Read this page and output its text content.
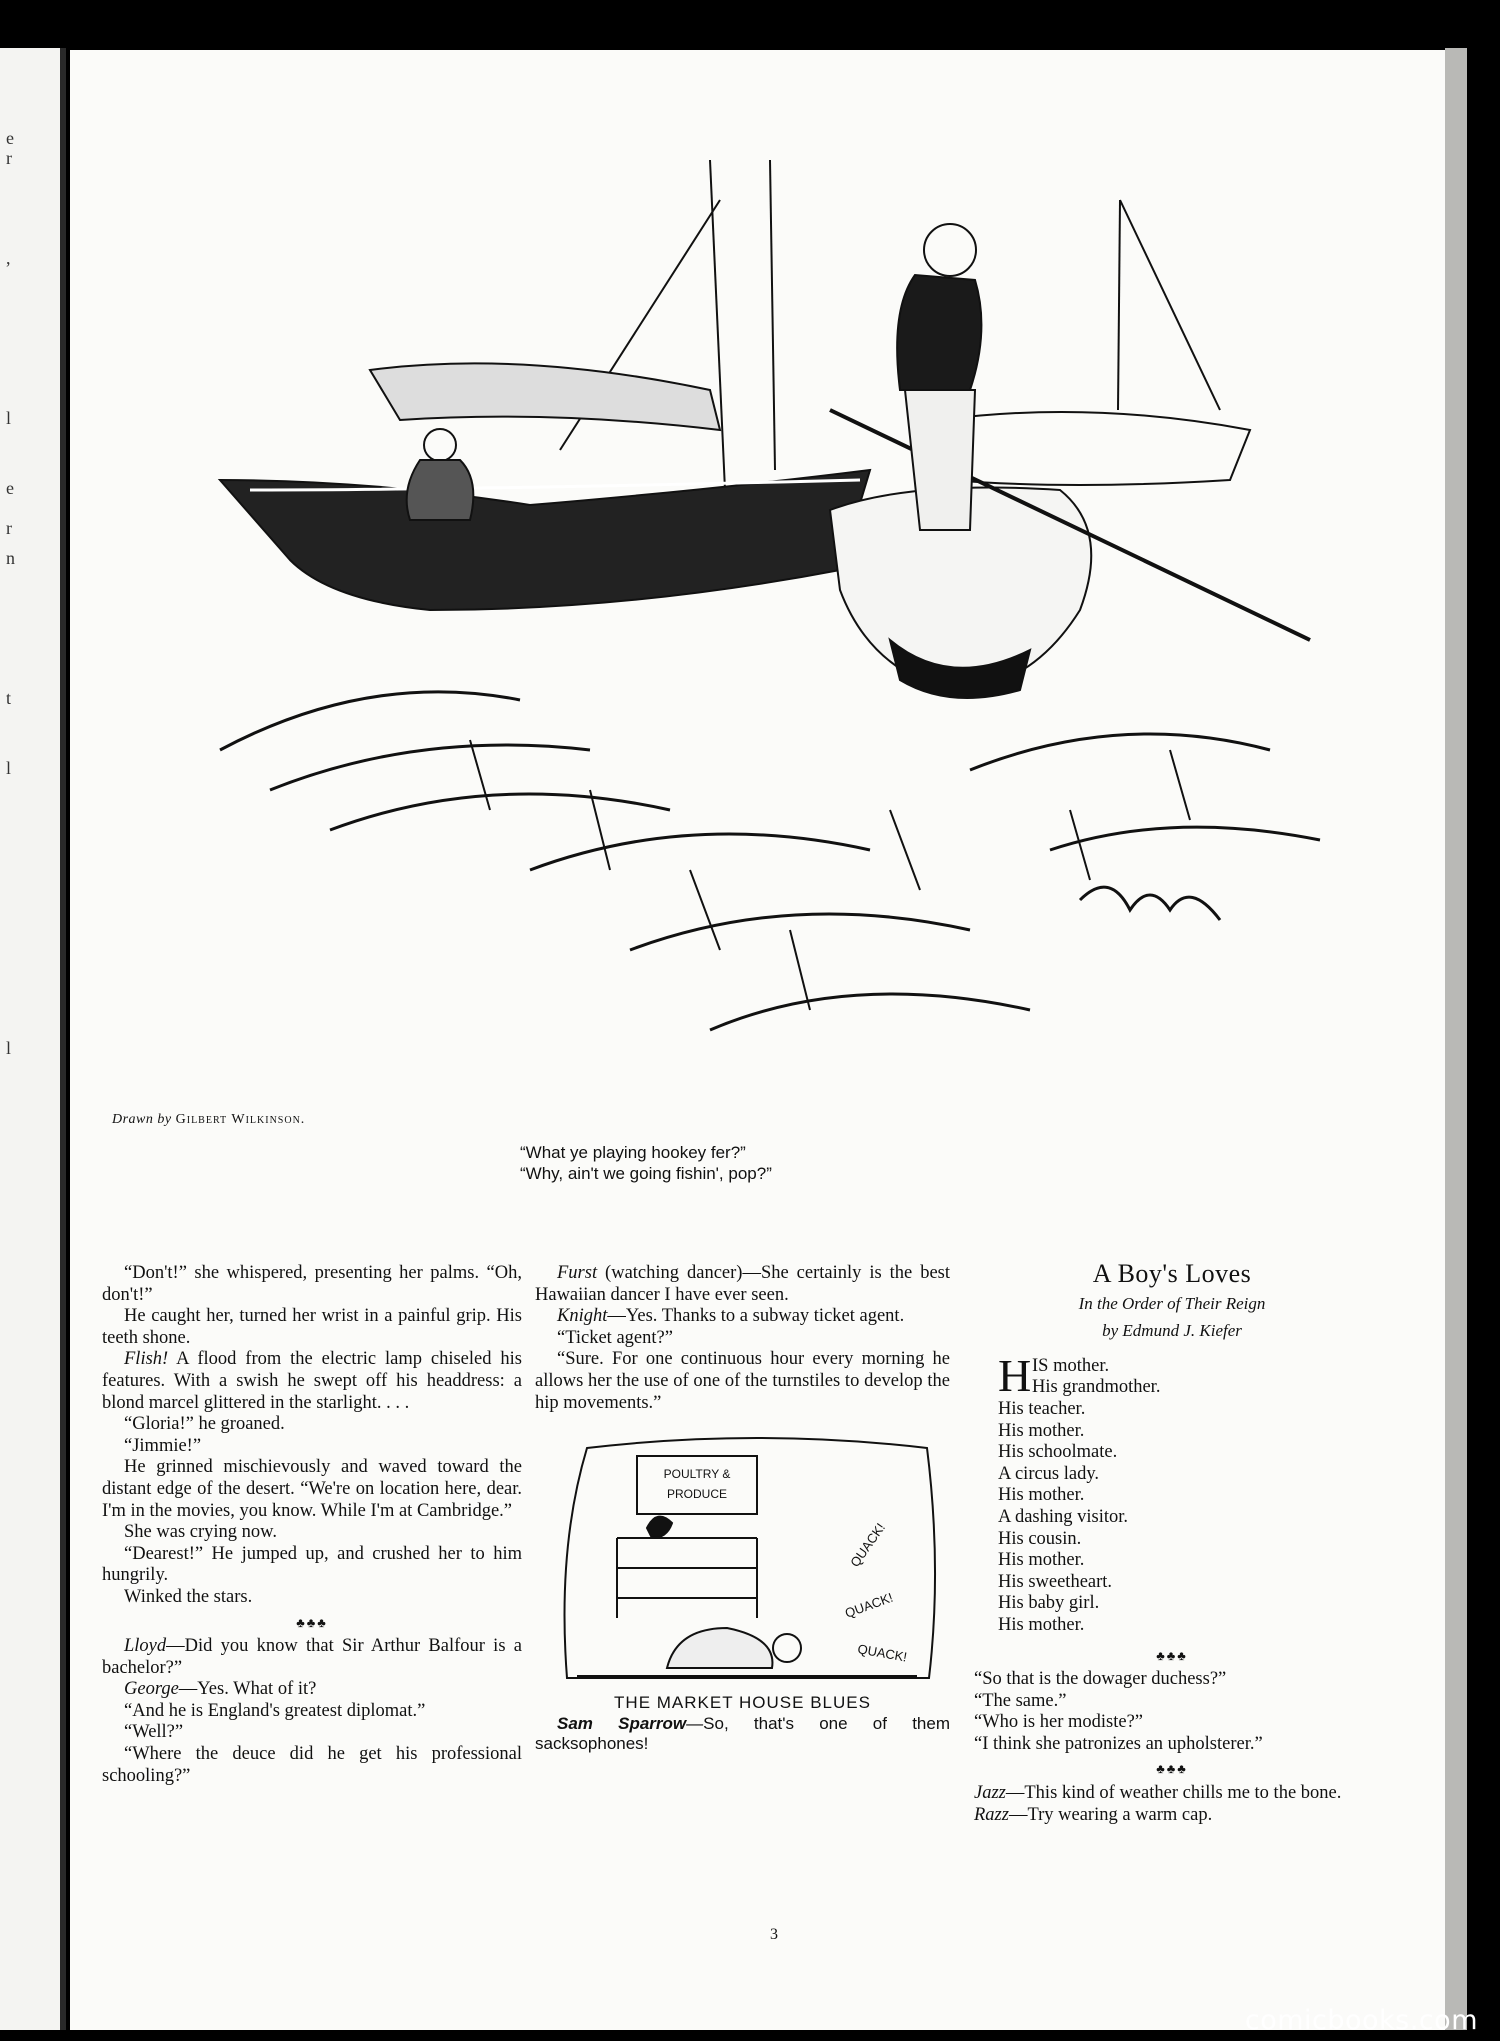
e
r
,
l
e
r
n
t
l
l
Drawn by Gilbert Wilkinson.
“What ye playing hookey fer?”
“Why, ain't we going fishin', pop?”

“Don't!” she whispered, presenting her palms. “Oh, don't!”

He caught her, turned her wrist in a painful grip. His teeth shone.

Flish! A flood from the electric lamp chiseled his features. With a swish he swept off his headdress: a blond marcel glittered in the starlight. . . .

“Gloria!” he groaned.

“Jimmie!”

He grinned mischievously and waved toward the distant edge of the desert. “We're on location here, dear. I'm in the movies, you know. While I'm at Cambridge.”

She was crying now.

“Dearest!” He jumped up, and crushed her to him hungrily.

Winked the stars.

♣♣♣

Lloyd—Did you know that Sir Arthur Balfour is a bachelor?”

George—Yes. What of it?

“And he is England's greatest diplomat.”

“Well?”

“Where the deuce did he get his professional schooling?”

Furst (watching dancer)—She certainly is the best Hawaiian dancer I have ever seen.

Knight—Yes. Thanks to a subway ticket agent.

“Ticket agent?”

“Sure. For one continuous hour every morning he allows her the use of one of the turnstiles to develop the hip movements.”

POULTRY &
PRODUCE
QUACK!
QUACK!
QUACK!
THE MARKET HOUSE BLUES
Sam Sparrow—So, that's one of them sacksophones!
A Boy's Loves
In the Order of Their Reign
by Edmund J. Kiefer
H IS mother.
His grandmother.
His teacher.
His mother.
His schoolmate.
A circus lady.
His mother.
A dashing visitor.
His cousin.
His mother.
His sweetheart.
His baby girl.
His mother.
♣♣♣

“So that is the dowager duchess?”

“The same.”

“Who is her modiste?”

“I think she patronizes an upholsterer.”

♣♣♣

Jazz—This kind of weather chills me to the bone.

Razz—Try wearing a warm cap.

3
comicbooks.com
